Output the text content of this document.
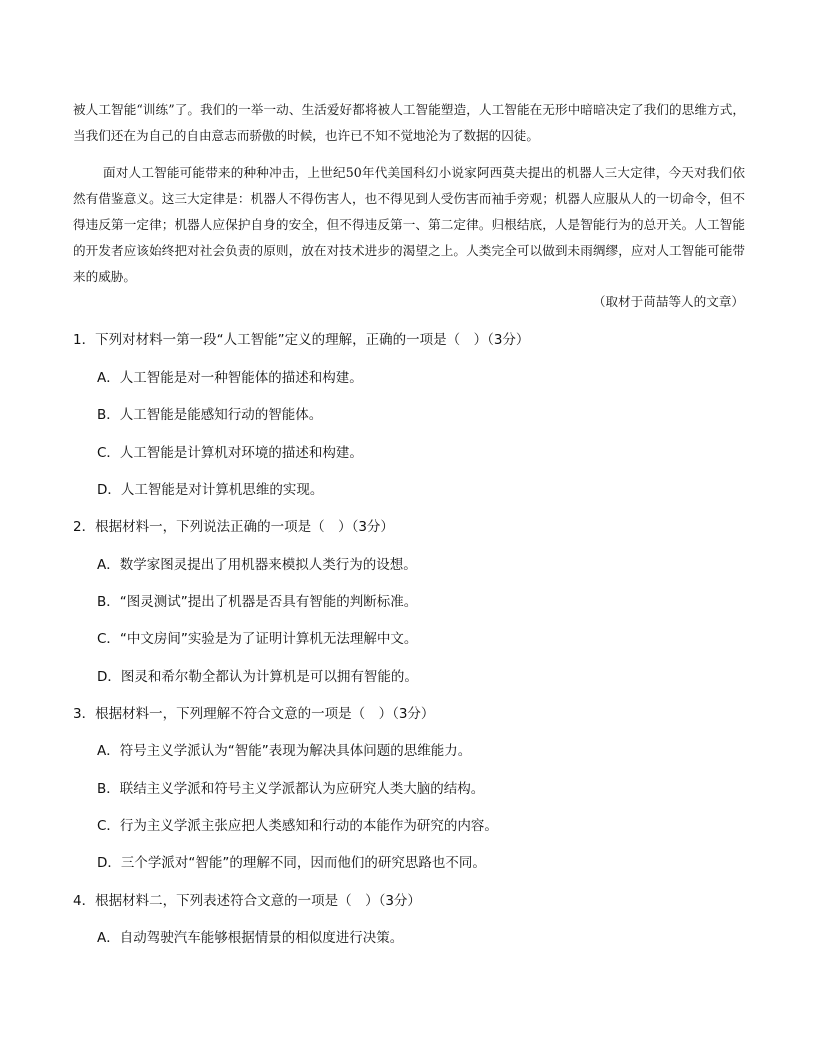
被人工智能“训练”了。我们的一举一动、生活爱好都将被人工智能塑造，人工智能在无形中暗暗决定了我们的思维方式，当我们还在为自己的自由意志而骄傲的时候，也许已不知不觉地沦为了数据的囚徒。

面对人工智能可能带来的种种冲击，上世纪50年代美国科幻小说家阿西莫夫提出的机器人三大定律，今天对我们依然有借鉴意义。这三大定律是：机器人不得伤害人，也不得见到人受伤害而袖手旁观；机器人应服从人的一切命令，但不得违反第一定律；机器人应保护自身的安全，但不得违反第一、第二定律。归根结底，人是智能行为的总开关。人工智能的开发者应该始终把对社会负责的原则，放在对技术进步的渴望之上。人类完全可以做到未雨绸缪，应对人工智能可能带来的威胁。

（取材于苘喆等人的文章）

1．下列对材料一第一段“人工智能”定义的理解，正确的一项是（　）（3分）

A．人工智能是对一种智能体的描述和构建。

B．人工智能是能感知行动的智能体。

C．人工智能是计算机对环境的描述和构建。

D．人工智能是对计算机思维的实现。

2．根据材料一，下列说法正确的一项是（　）（3分）

A．数学家图灵提出了用机器来模拟人类行为的设想。

B．“图灵测试”提出了机器是否具有智能的判断标准。

C．“中文房间”实验是为了证明计算机无法理解中文。

D．图灵和希尔勒全都认为计算机是可以拥有智能的。

3．根据材料一，下列理解不符合文意的一项是（　）（3分）

A．符号主义学派认为“智能”表现为解决具体问题的思维能力。

B．联结主义学派和符号主义学派都认为应研究人类大脑的结构。

C．行为主义学派主张应把人类感知和行动的本能作为研究的内容。

D．三个学派对“智能”的理解不同，因而他们的研究思路也不同。

4．根据材料二，下列表述符合文意的一项是（　）（3分）

A．自动驾驶汽车能够根据情景的相似度进行决策。
